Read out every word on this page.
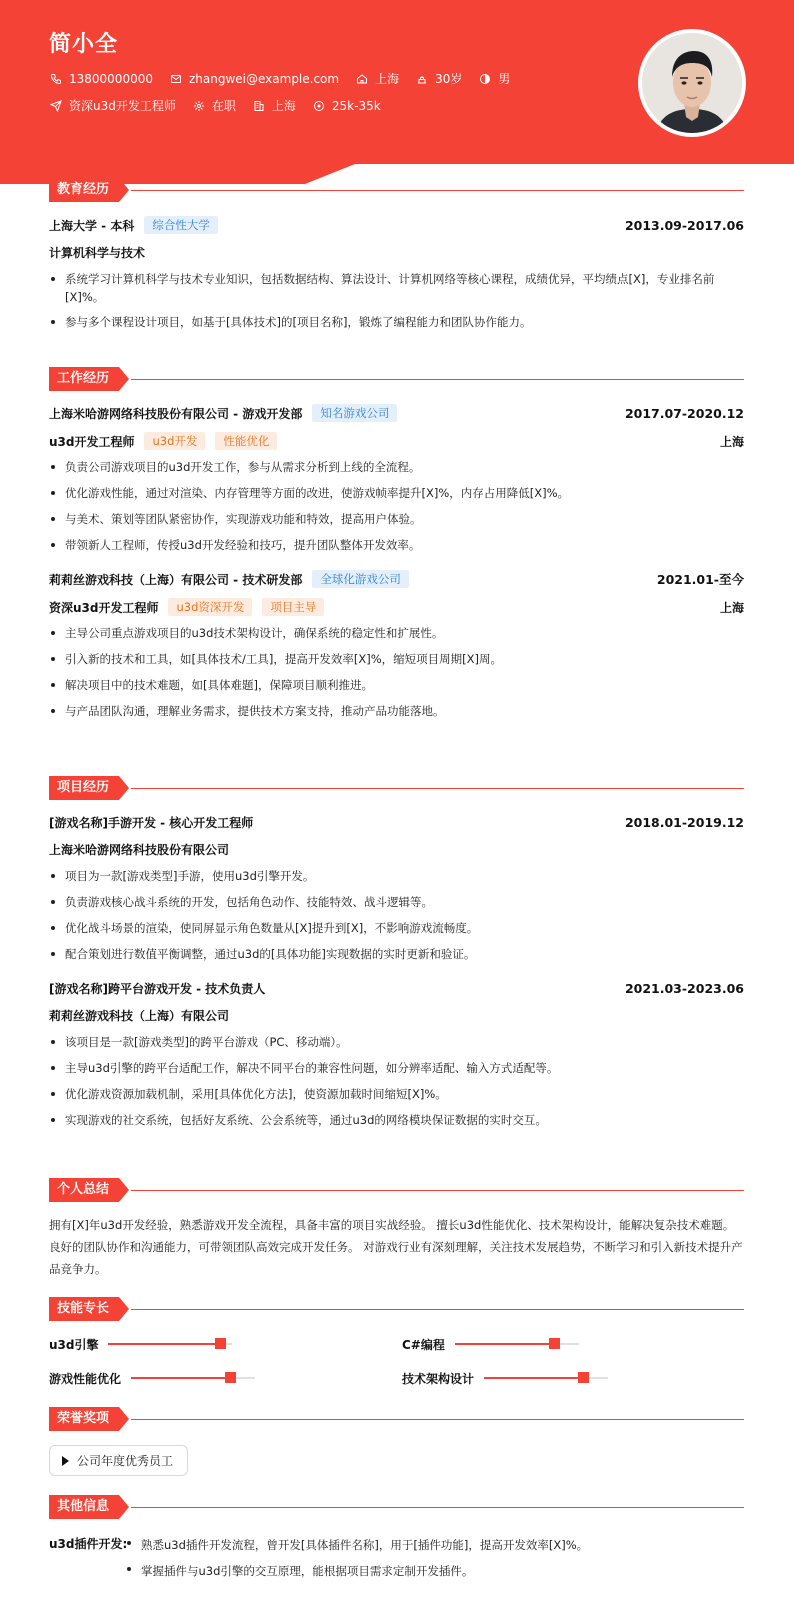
简小全
13800000000	zhangwei@example.com	上海	30岁	男
资深u3d开发工程师	在职	上海	25k-35k
教育经历
上海大学 - 本科	综合性大学	2013.09-2017.06
计算机科学与技术
系统学习计算机科学与技术专业知识，包括数据结构、算法设计、计算机网络等核心课程，成绩优异，平均绩点[X]，专业排名前[X]%。
参与多个课程设计项目，如基于[具体技术]的[项目名称]，锻炼了编程能力和团队协作能力。
工作经历
上海米哈游网络科技股份有限公司 - 游戏开发部	知名游戏公司	2017.07-2020.12
u3d开发工程师	u3d开发	性能优化	上海
负责公司游戏项目的u3d开发工作，参与从需求分析到上线的全流程。
优化游戏性能，通过对渲染、内存管理等方面的改进，使游戏帧率提升[X]%，内存占用降低[X]%。
与美术、策划等团队紧密协作，实现游戏功能和特效，提高用户体验。
带领新人工程师，传授u3d开发经验和技巧，提升团队整体开发效率。
莉莉丝游戏科技（上海）有限公司 - 技术研发部	全球化游戏公司	2021.01-至今
资深u3d开发工程师	u3d资深开发	项目主导	上海
主导公司重点游戏项目的u3d技术架构设计，确保系统的稳定性和扩展性。
引入新的技术和工具，如[具体技术/工具]，提高开发效率[X]%，缩短项目周期[X]周。
解决项目中的技术难题，如[具体难题]，保障项目顺利推进。
与产品团队沟通，理解业务需求，提供技术方案支持，推动产品功能落地。
项目经历
[游戏名称]手游开发 - 核心开发工程师	2018.01-2019.12
上海米哈游网络科技股份有限公司
项目为一款[游戏类型]手游，使用u3d引擎开发。
负责游戏核心战斗系统的开发，包括角色动作、技能特效、战斗逻辑等。
优化战斗场景的渲染，使同屏显示角色数量从[X]提升到[X]，不影响游戏流畅度。
配合策划进行数值平衡调整，通过u3d的[具体功能]实现数据的实时更新和验证。
[游戏名称]跨平台游戏开发 - 技术负责人	2021.03-2023.06
莉莉丝游戏科技（上海）有限公司
该项目是一款[游戏类型]的跨平台游戏（PC、移动端）。
主导u3d引擎的跨平台适配工作，解决不同平台的兼容性问题，如分辨率适配、输入方式适配等。
优化游戏资源加载机制，采用[具体优化方法]，使资源加载时间缩短[X]%。
实现游戏的社交系统，包括好友系统、公会系统等，通过u3d的网络模块保证数据的实时交互。
个人总结

拥有[X]年u3d开发经验，熟悉游戏开发全流程，具备丰富的项目实战经验。 擅长u3d性能优化、技术架构设计，能解决复杂技术难题。 良好的团队协作和沟通能力，可带领团队高效完成开发任务。 对游戏行业有深刻理解，关注技术发展趋势，不断学习和引入新技术提升产品竞争力。

技能专长
u3d引擎	C#编程
游戏性能优化	技术架构设计
荣誉奖项
公司年度优秀员工
其他信息
u3d插件开发:	熟悉u3d插件开发流程，曾开发[具体插件名称]，用于[插件功能]，提高开发效率[X]%。
掌握插件与u3d引擎的交互原理，能根据项目需求定制开发插件。
